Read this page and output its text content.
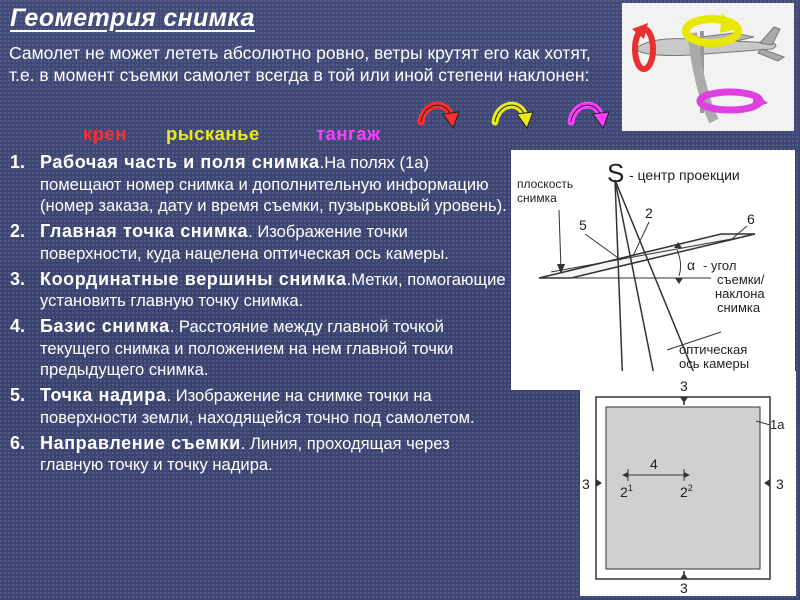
Геометрия снимка

Самолет не может лететь абсолютно ровно, ветры крутят его как хотят, т.е. в момент съемки самолет всегда в той или иной степени наклонен:

крен рысканье	тангаж
1. Рабочая часть и поля снимка.На полях (1а) помещают номер снимка и дополнительную информацию (номер заказа, дату и время съемки, пузырьковый уровень).
2. Главная точка снимка. Изображение точки поверхности, куда нацелена оптическая ось камеры.
3. Координатные вершины снимка.Метки, помогающие установить главную точку снимка.
4. Базис снимка. Расстояние между главной точкой текущего снимка и положением на нем главной точки предыдущего снимка.
5. Точка надира. Изображение на снимке точки на поверхности земли, находящейся точно под самолетом.
6. Направление съемки. Линия, проходящая через главную точку и точку надира.
S - центр проекции
плоскость
снимка
5
2	6
α - угол
съемки/
наклона
снимка
оптическая
ось камеры
3
3
3	3
1а
4
$2^1$	$2^2$
